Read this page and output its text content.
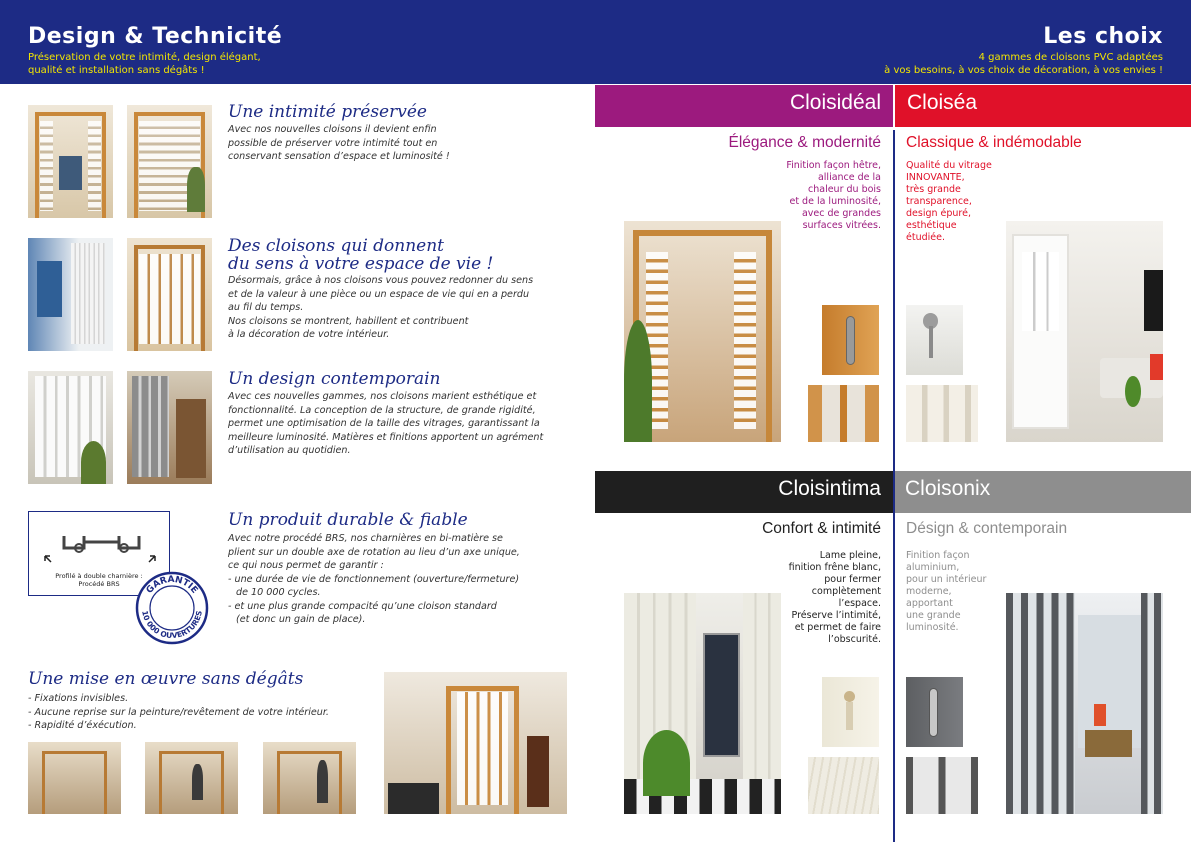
Design & Technicité
Préservation de votre intimité, design élégant,
qualité et installation sans dégâts !
Les choix
4 gammes de cloisons PVC adaptées
à vos besoins, à vos choix de décoration, à vos envies !
Une intimité préservée
Avec nos nouvelles cloisons il devient enfin
possible de préserver votre intimité tout en
conservant sensation d’espace et luminosité !
Des cloisons qui donnent
du sens à votre espace de vie !
Désormais, grâce à nos cloisons vous pouvez redonner du sens
et de la valeur à une pièce ou un espace de vie qui en a perdu
au fil du temps.
Nos cloisons se montrent, habillent et contribuent
à la décoration de votre intérieur.
Un design contemporain
Avec ces nouvelles gammes, nos cloisons marient esthétique et
fonctionnalité. La conception de la structure, de grande rigidité,
permet une optimisation de la taille des vitrages, garantissant la
meilleure luminosité. Matières et finitions apportent un agrément
d’utilisation au quotidien.
Profilé à double charnière :
Procédé BRS	GARANTIE
10 000 OUVERTURES
Un produit durable & fiable
Avec notre procédé BRS, nos charnières en bi-matière se
plient sur un double axe de rotation au lieu d’un axe unique,
ce qui nous permet de garantir :
- une durée de vie de fonctionnement (ouverture/fermeture)
de 10 000 cycles.
- et une plus grande compacité qu’une cloison standard
(et donc un gain de place).
Une mise en œuvre sans dégâts
- Fixations invisibles.
- Aucune reprise sur la peinture/revêtement de votre intérieur.
- Rapidité d’éxécution.
Cloisidéal Cloiséa
Élégance & modernité Classique & indémodable
Finition façon hêtre,
alliance de la
chaleur du bois
et de la luminosité,
avec de grandes
surfaces vitrées.
Qualité du vitrage
INNOVANTE,
très grande
transparence,
design épuré,
esthétique
étudiée.
Cloisintima Cloisonix
Confort & intimité Désign & contemporain
Lame pleine,
finition frêne blanc,
pour fermer
complètement
l’espace.
Préserve l’intimité,
et permet de faire
l’obscurité.
Finition façon
aluminium,
pour un intérieur
moderne,
apportant
une grande
luminosité.
